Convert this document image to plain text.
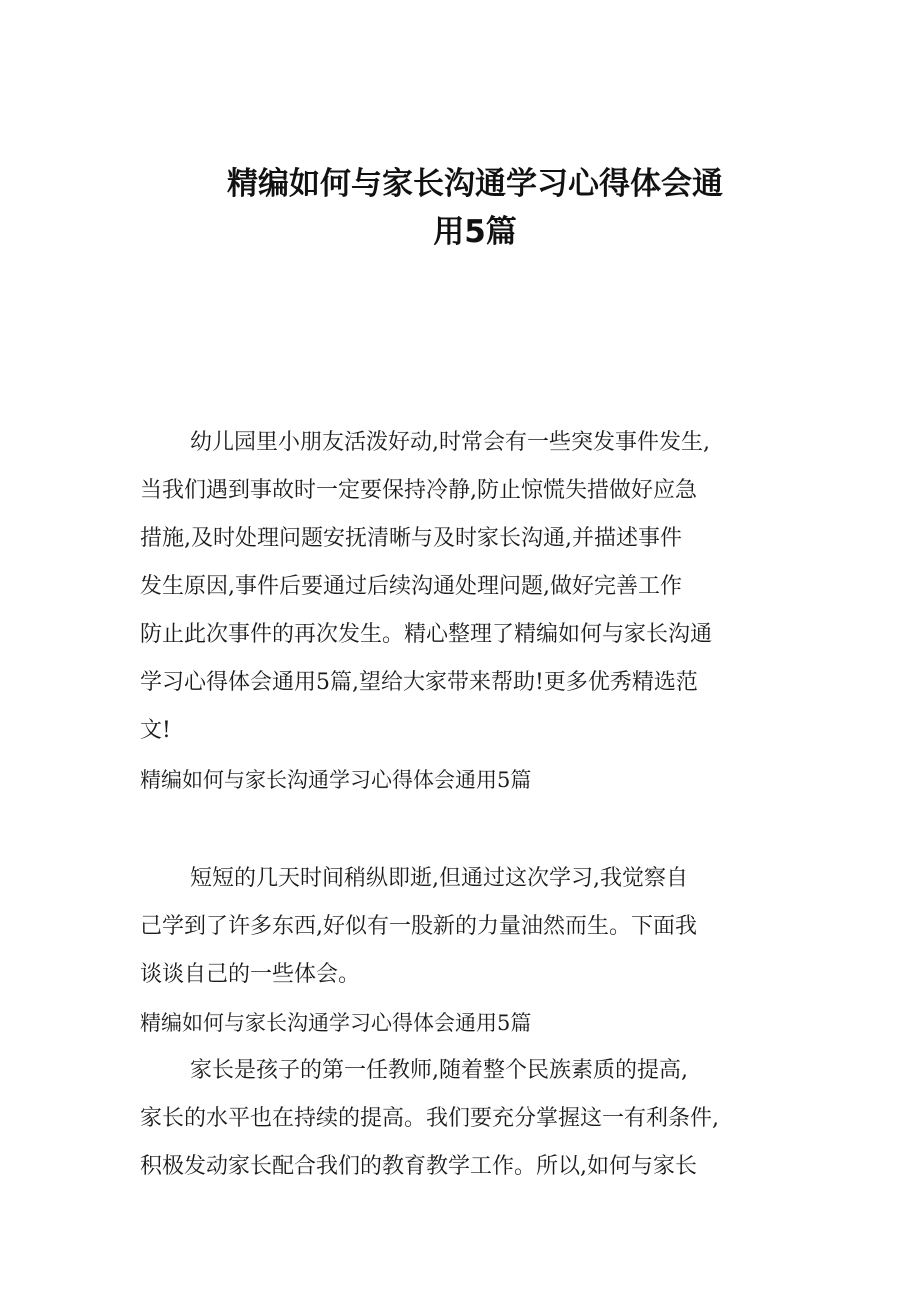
精编如何与家长沟通学习心得体会通
用5篇
幼儿园里小朋友活泼好动,时常会有一些突发事件发生,
当我们遇到事故时一定要保持冷静,防止惊慌失措做好应急
措施,及时处理问题安抚清晰与及时家长沟通,并描述事件
发生原因,事件后要通过后续沟通处理问题,做好完善工作
防止此次事件的再次发生。精心整理了精编如何与家长沟通
学习心得体会通用5篇,望给大家带来帮助!更多优秀精选范
文!
精编如何与家长沟通学习心得体会通用5篇
短短的几天时间稍纵即逝,但通过这次学习,我觉察自
己学到了许多东西,好似有一股新的力量油然而生。下面我
谈谈自己的一些体会。
精编如何与家长沟通学习心得体会通用5篇
家长是孩子的第一任教师,随着整个民族素质的提高,
家长的水平也在持续的提高。我们要充分掌握这一有利条件,
积极发动家长配合我们的教育教学工作。所以,如何与家长
